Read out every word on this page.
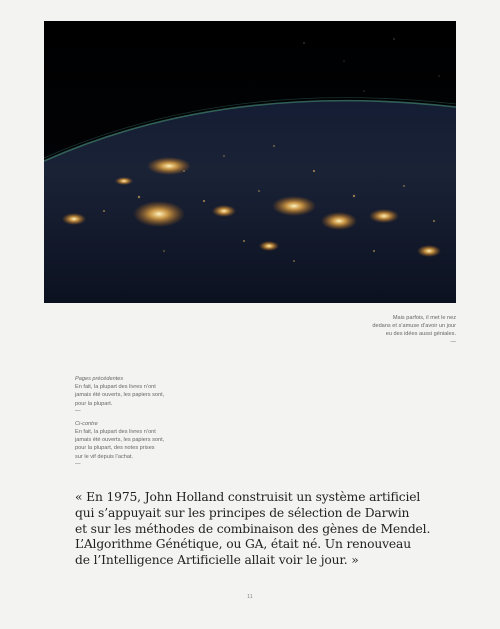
Mais parfois, il met le nez
dedans et s’amuse d’avoir un jour
eu des idées aussi géniales.
—
Pages précédentes
En fait, la plupart des livres n’ont
jamais été ouverts, les papiers sont,
pour la plupart.
—
Ci-contre
En fait, la plupart des livres n’ont
jamais été ouverts, les papiers sont,
pour la plupart, des notes prises
sur le vif depuis l’achat.
—
« En 1975, John Holland construisit un système artificiel
qui s’appuyait sur les principes de sélection de Darwin
et sur les méthodes de combinaison des gènes de Mendel.
L’Algorithme Génétique, ou GA, était né. Un renouveau
de l’Intelligence Artificielle allait voir le jour. »
11
